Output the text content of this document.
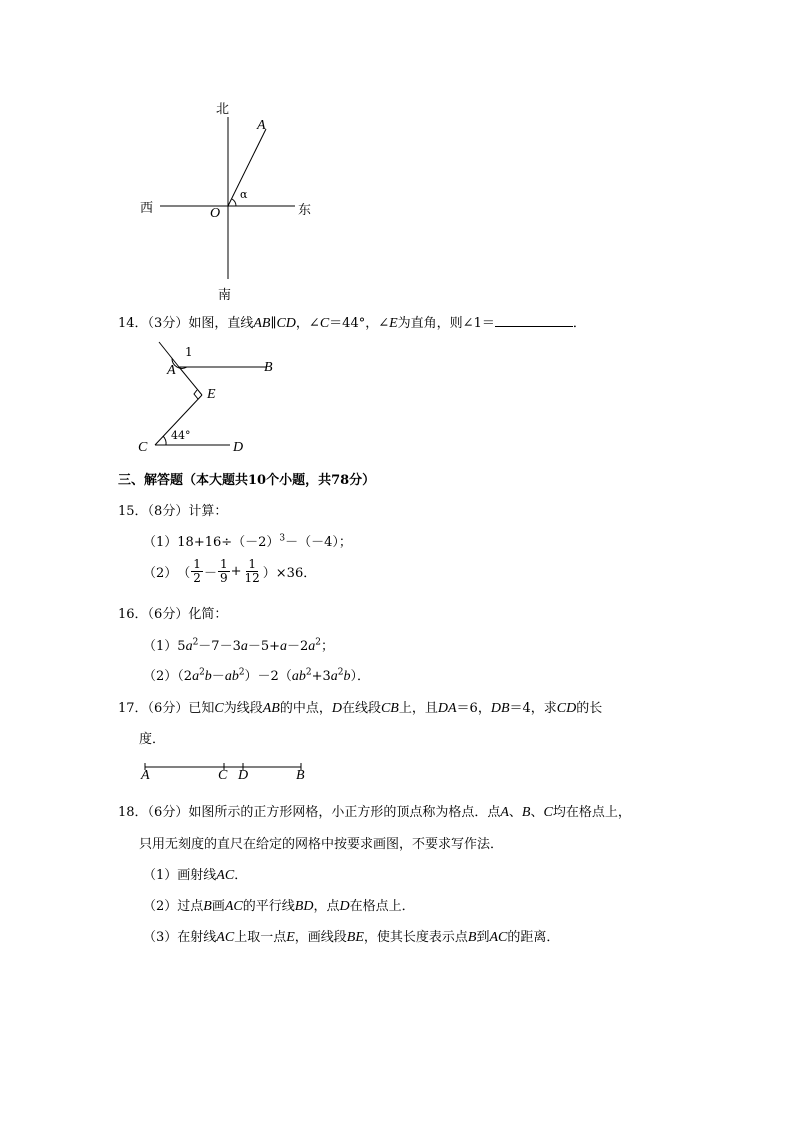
北
南
西	东
A
O
α
14．（3分）如图，直线AB∥CD，∠C＝44°，∠E为直角，则∠1＝	．
1
A	B
E
C	D
44°
三、解答题（本大题共10个小题，共78分）
15．（8分）计算：
$(1)18+16\div(-2)^3-(-4)$；
（2） （ $\frac{1}{2} - \frac{1}{9} + \frac{1}{12} )\times 36$．
16．（6分）化简：
$(1)5a^2-7-3a-5+a-2a^2$；
$(2)(2a^2b-ab^2)-2(ab^2+3a^2b)$．
17．（6分）已知C为线段AB的中点，D在线段CB上，且DA＝6，DB＝4，求CD的长
度．
A	C D	B
18．（6分）如图所示的正方形网格，小正方形的顶点称为格点．点A、B、C均在格点上，
只用无刻度的直尺在给定的网格中按要求画图，不要求写作法．
（1）画射线AC．
（2）过点B画AC的平行线BD，点D在格点上．
（3）在射线AC上取一点E，画线段BE，使其长度表示点B到AC的距离．
